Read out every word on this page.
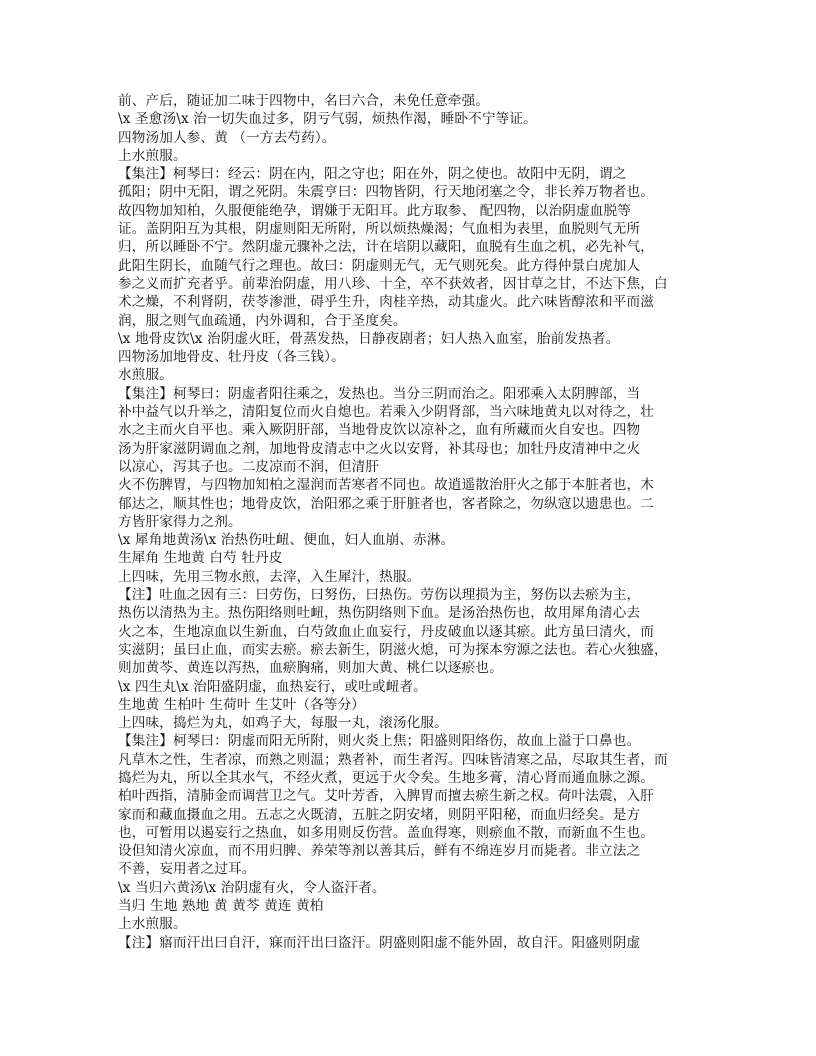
前、产后，随证加二味于四物中，名曰六合，未免任意牵强。
\x 圣愈汤\x 治一切失血过多，阴亏气弱，烦热作渴，睡卧不宁等证。
四物汤加人参、黄 （一方去芍药）。
上水煎服。
【集注】柯琴曰：经云：阴在内，阳之守也；阳在外，阴之使也。故阳中无阴，谓之
孤阳；阴中无阳，谓之死阴。朱震亨曰：四物皆阴，行天地闭塞之令，非长养万物者也。
故四物加知柏，久服便能绝孕，谓嫌于无阳耳。此方取参、 配四物，以治阴虚血脱等
证。盖阴阳互为其根，阴虚则阳无所附，所以烦热燥渴；气血相为表里，血脱则气无所
归，所以睡卧不宁。然阴虚元骤补之法，计在培阴以藏阳，血脱有生血之机，必先补气，
此阳生阴长，血随气行之理也。故曰：阴虚则无气，无气则死矣。此方得仲景白虎加人
参之义而扩充者乎。前辈治阴虚，用八珍、十全，卒不获效者，因甘草之甘，不达下焦，白
术之燥，不利肾阴，茯苓渗泄，碍乎生升，肉桂辛热，动其虚火。此六味皆醇浓和平而滋
润，服之则气血疏通，内外调和，合于圣度矣。
\x 地骨皮饮\x 治阴虚火旺，骨蒸发热，日静夜剧者；妇人热入血室，胎前发热者。
四物汤加地骨皮、牡丹皮（各三钱）。
水煎服。
【集注】柯琴曰：阴虚者阳往乘之，发热也。当分三阴而治之。阳邪乘入太阴脾部，当
补中益气以升举之，清阳复位而火自熄也。若乘入少阴肾部，当六味地黄丸以对待之，壮
水之主而火自平也。乘入厥阴肝部，当地骨皮饮以凉补之，血有所藏而火自安也。四物
汤为肝家滋阴调血之剂，加地骨皮清志中之火以安肾，补其母也；加牡丹皮清神中之火
以凉心，泻其子也。二皮凉而不润，但清肝
火不伤脾胃，与四物加知柏之湿润而苦寒者不同也。故逍遥散治肝火之郁于本脏者也，木
郁达之，顺其性也；地骨皮饮，治阳邪之乘于肝脏者也，客者除之，勿纵寇以遗患也。二
方皆肝家得力之剂。
\x 犀角地黄汤\x 治热伤吐衄、便血，妇人血崩、赤淋。
生犀角 生地黄 白芍 牡丹皮
上四味，先用三物水煎，去滓，入生犀汁，热服。
【注】吐血之因有三：曰劳伤，曰努伤，曰热伤。劳伤以理损为主，努伤以去瘀为主，
热伤以清热为主。热伤阳络则吐衄，热伤阴络则下血。是汤治热伤也，故用犀角清心去
火之本，生地凉血以生新血，白芍敛血止血妄行，丹皮破血以逐其瘀。此方虽曰清火，而
实滋阴；虽曰止血，而实去瘀。瘀去新生，阴滋火熄，可为探本穷源之法也。若心火独盛，
则加黄芩、黄连以泻热，血瘀胸痛，则加大黄、桃仁以逐瘀也。
\x 四生丸\x 治阳盛阴虚，血热妄行，或吐或衄者。
生地黄 生柏叶 生荷叶 生艾叶（各等分）
上四味，捣烂为丸，如鸡子大，每服一丸，滚汤化服。
【集注】柯琴曰：阴虚而阳无所附，则火炎上焦；阳盛则阳络伤，故血上溢于口鼻也。
凡草木之性，生者凉，而熟之则温；熟者补，而生者泻。四味皆清寒之品，尽取其生者，而
捣烂为丸，所以全其水气，不经火煮，更远于火令矣。生地多膏，清心肾而通血脉之源。
柏叶西指，清肺金而调营卫之气。艾叶芳香，入脾胃而擅去瘀生新之权。荷叶法震，入肝
家而和藏血摄血之用。五志之火既清，五脏之阴安堵，则阴平阳秘，而血归经矣。是方
也，可暂用以遏妄行之热血，如多用则反伤营。盖血得寒，则瘀血不散，而新血不生也。
设但知清火凉血，而不用归脾、养荣等剂以善其后，鲜有不绵连岁月而毙者。非立法之
不善，妄用者之过耳。
\x 当归六黄汤\x 治阴虚有火，令人盗汗者。
当归 生地 熟地 黄 黄芩 黄连 黄柏
上水煎服。
【注】寤而汗出曰自汗，寐而汗出曰盗汗。阴盛则阳虚不能外固，故自汗。阳盛则阴虚
